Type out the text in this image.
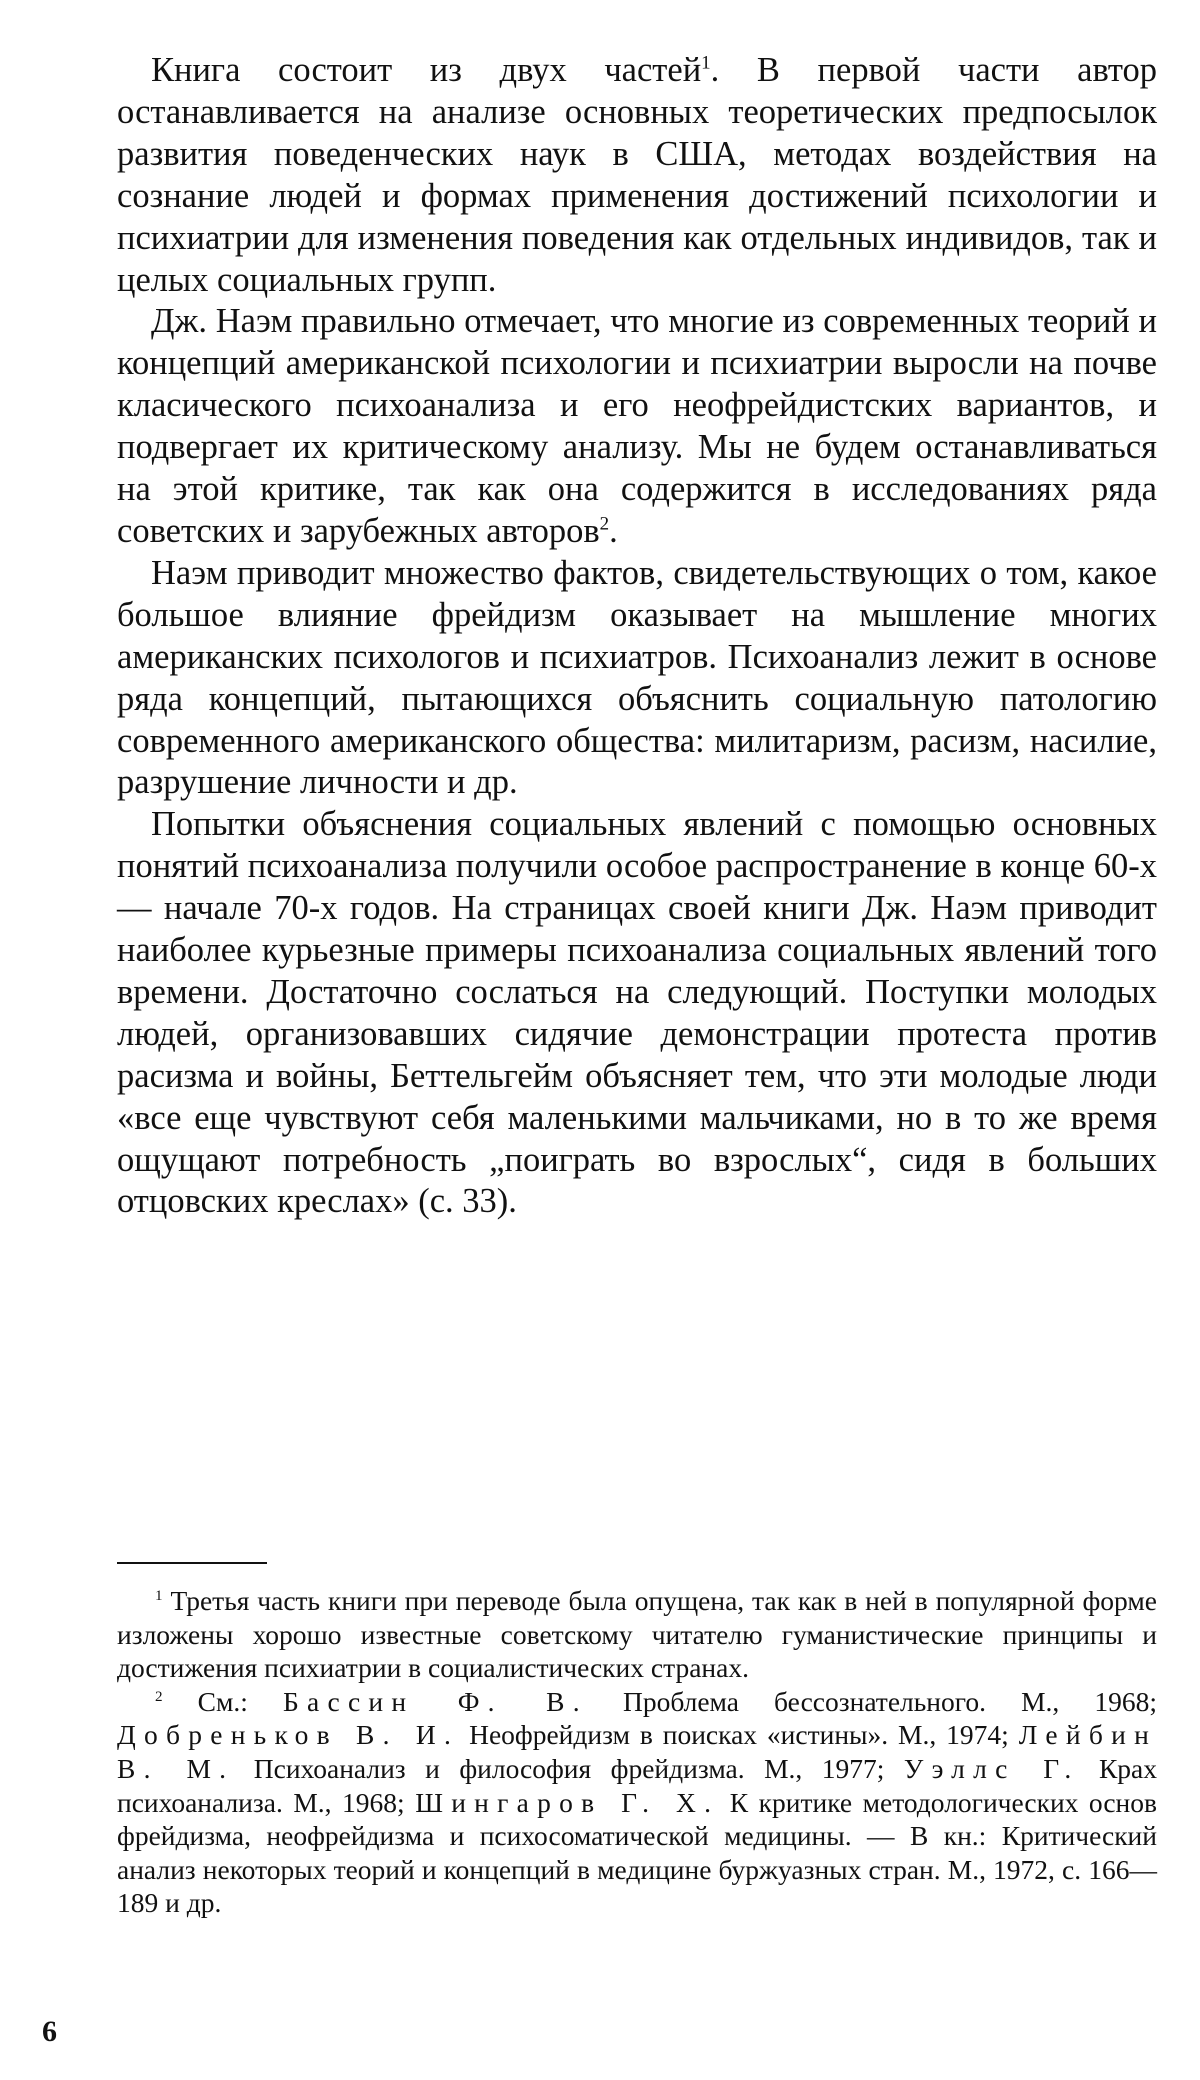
Книга состоит из двух частей$^1$. В первой части автор останавливается на анализе основных теоретических предпосылок развития поведенческих наук в США, методах воздействия на сознание людей и формах применения достижений психологии и психиатрии для изменения поведения как отдельных индивидов, так и целых социальных групп.

Дж. Наэм правильно отмечает, что многие из современных теорий и концепций американской психологии и психиатрии выросли на почве класического психоанализа и его неофрейдистских вариантов, и подвергает их критическому анализу. Мы не будем останавливаться на этой критике, так как она содержится в исследованиях ряда советских и зарубежных авторов$^2$.

Наэм приводит множество фактов, свидетельствующих о том, какое большое влияние фрейдизм оказывает на мышление многих американских психологов и психиатров. Психоанализ лежит в основе ряда концепций, пытающихся объяснить социальную патологию современного американского общества: милитаризм, расизм, насилие, разрушение личности и др.

Попытки объяснения социальных явлений с помощью основных понятий психоанализа получили особое распространение в конце 60-х — начале 70-х годов. На страницах своей книги Дж. Наэм приводит наиболее курьезные примеры психоанализа социальных явлений того времени. Достаточно сослаться на следующий. Поступки молодых людей, организовавших сидячие демонстрации протеста против расизма и войны, Беттельгейм объясняет тем, что эти молодые люди «все еще чувствуют себя маленькими мальчиками, но в то же время ощущают потребность „поиграть во взрослых“, сидя в больших отцовских креслах» (с. 33).

$^1$ Третья часть книги при переводе была опущена, так как в ней в популярной форме изложены хорошо известные советскому читателю гуманистические принципы и достижения психиатрии в социалистических странах.

$^2$ См.: Бассин Ф. В. Проблема бессознательного. М., 1968; Добреньков В. И. Неофрейдизм в поисках «истины». М., 1974; Лейбин В. М. Психоанализ и философия фрейдизма. М., 1977; Уэллс Г. Крах психоанализа. М., 1968; Шингаров Г. Х. К критике методологических основ фрейдизма, неофрейдизма и психосоматической медицины. — В кн.: Критический анализ некоторых теорий и концепций в медицине буржуазных стран. М., 1972, с. 166—189 и др.

6
